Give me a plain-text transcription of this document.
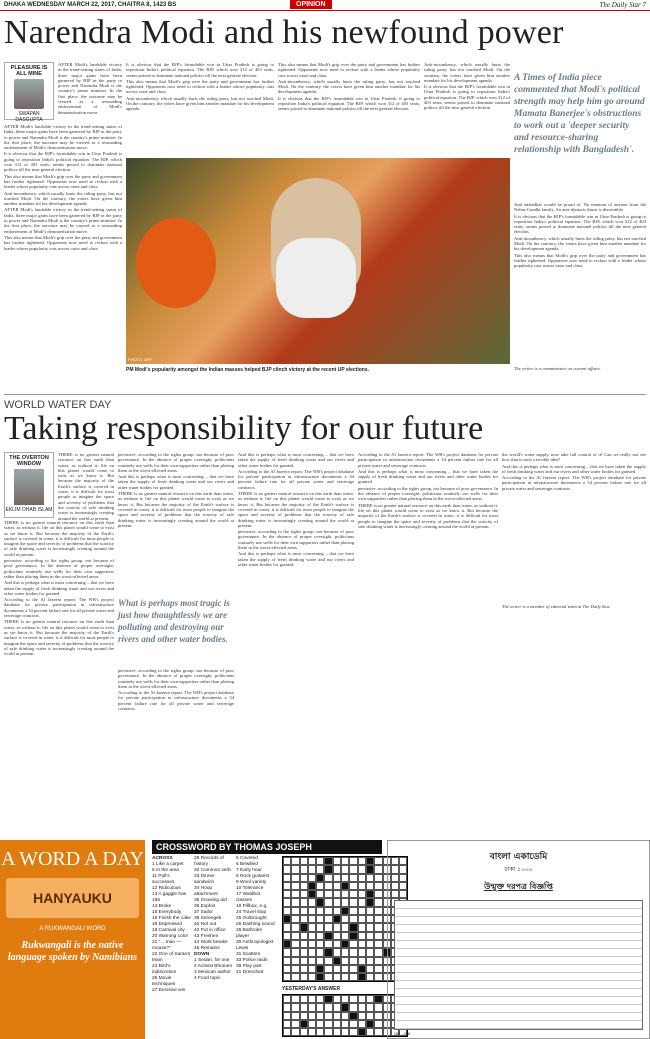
DHAKA WEDNESDAY MARCH 22, 2017, CHAITRA 8, 1423 BS	OPINION	The Daily Star 7
Narendra Modi and his newfound power
PLEASURE IS ALL MINE
SWAPAN DASGUPTA

AFTER Modi's landslide victory in the trend-setting states of India, three major gains have been garnered by BJP in the party to power and Narendra Modi is the country's prime minister. In the first place, the outcome may be viewed as a resounding endorsement of Modi's demonetisation move.

It is obvious that the BJP's formidable win in Uttar Pradesh is going to reposition India's political equation. The BJP, which won 312 of 403 seats, seems poised to dominate national politics till the next general election.

This also means that Modi's grip over the party and government has further tightened. Opponents now need to reckon with a leader whose popularity cuts across caste and class.

Anti-incumbency, which usually hurts the ruling party, has not touched Modi. On the contrary, the voters have given him another mandate for his development agenda.

AFTER Modi's landslide victory in the trend-setting states of India, three major gains have been garnered by BJP in the party to power and Narendra Modi is the country's prime minister. In the first place, the outcome may be viewed as a resounding endorsement of Modi's demonetisation move.

This also means that Modi's grip over the party and government has further tightened. Opponents now need to reckon with a leader whose popularity cuts across caste and class.

AFTER Modi's landslide victory in the trend-setting states of India, three major gains have been garnered by BJP in the party to power and Narendra Modi is the country's prime minister. In the first place, the outcome may be viewed as a resounding endorsement of Modi's demonetisation move.

It is obvious that the BJP's formidable win in Uttar Pradesh is going to reposition India's political equation. The BJP, which won 312 of 403 seats, seems poised to dominate national politics till the next general election.

This also means that Modi's grip over the party and government has further tightened. Opponents now need to reckon with a leader whose popularity cuts across caste and class.

Anti-incumbency, which usually hurts the ruling party, has not touched Modi. On the contrary, the voters have given him another mandate for his development agenda.

This also means that Modi's grip over the party and government has further tightened. Opponents now need to reckon with a leader whose popularity cuts across caste and class.

Anti-incumbency, which usually hurts the ruling party, has not touched Modi. On the contrary, the voters have given him another mandate for his development agenda.

It is obvious that the BJP's formidable win in Uttar Pradesh is going to reposition India's political equation. The BJP, which won 312 of 403 seats, seems poised to dominate national politics till the next general election.

Anti-incumbency, which usually hurts the ruling party, has not touched Modi. On the contrary, the voters have given him another mandate for his development agenda.

It is obvious that the BJP's formidable win in Uttar Pradesh is going to reposition India's political equation. The BJP, which won 312 of 403 seats, seems poised to dominate national politics till the next general election.

PHOTO: AFP
PM Modi's popularity amongst the Indian masses helped BJP clinch victory at the recent UP elections.
A Times of India piece commented that Modi's political strength may help him go around Mamata Banerjee's obstructions to work out a 'deeper security and resource-sharing relationship with Bangladesh'.

And ambedkar would be proud of. No mention of anyone from the Nehru-Gandhi family. An anti-dynastic thrust is discernible.

It is obvious that the BJP's formidable win in Uttar Pradesh is going to reposition India's political equation. The BJP, which won 312 of 403 seats, seems poised to dominate national politics till the next general election.

Anti-incumbency, which usually hurts the ruling party, has not touched Modi. On the contrary, the voters have given him another mandate for his development agenda.

This also means that Modi's grip over the party and government has further tightened. Opponents now need to reckon with a leader whose popularity cuts across caste and class.

The writer is a commentator on current affairs.
WORLD WATER DAY
Taking responsibility for our future
THE OVERTON WINDOW
EKLIM OHAB ISLAM

THERE is no greater natural resource on this earth than water, as without it, life on this planet would come to exist as we know it. But because the majority of the Earth's surface is covered in water, it is difficult for most people to imagine the space and severity of problems that the scarcity of safe drinking water is increasingly creating around the world at present.

THERE is no greater natural resource on this earth than water, as without it, life on this planet would come to exist as we know it. But because the majority of the Earth's surface is covered in water, it is difficult for most people to imagine the space and severity of problems that the scarcity of safe drinking water is increasingly creating around the world at present.

pervasive, according to the rights group, not because of poor governance. In the absence of proper oversight, politicians routinely use wells for their own supporters rather than placing them in the worst-affected areas.

And this is perhaps what is most concerning – that we have taken the supply of fresh drinking water and our rivers and other water bodies for granted.

According to the Al Jazeera report: The WB's project database for private participation in infrastructure documents a 34 percent failure rate for all private water and sewerage contracts.

THERE is no greater natural resource on this earth than water, as without it, life on this planet would come to exist as we know it. But because the majority of the Earth's surface is covered in water, it is difficult for most people to imagine the space and severity of problems that the scarcity of safe drinking water is increasingly creating around the world at present.

pervasive, according to the rights group, not because of poor governance. In the absence of proper oversight, politicians routinely use wells for their own supporters rather than placing them in the worst-affected areas.

And this is perhaps what is most concerning – that we have taken the supply of fresh drinking water and our rivers and other water bodies for granted.

THERE is no greater natural resource on this earth than water, as without it, life on this planet would come to exist as we know it. But because the majority of the Earth's surface is covered in water, it is difficult for most people to imagine the space and severity of problems that the scarcity of safe drinking water is increasingly creating around the world at present.

What is perhaps most tragic is just how thoughtlessly we are polluting and destroying our rivers and other water bodies.

pervasive, according to the rights group, not because of poor governance. In the absence of proper oversight, politicians routinely use wells for their own supporters rather than placing them in the worst-affected areas.

According to the Al Jazeera report: The WB's project database for private participation in infrastructure documents a 34 percent failure rate for all private water and sewerage contracts.

And this is perhaps what is most concerning – that we have taken the supply of fresh drinking water and our rivers and other water bodies for granted.

According to the Al Jazeera report: The WB's project database for private participation in infrastructure documents a 34 percent failure rate for all private water and sewerage contracts.

THERE is no greater natural resource on this earth than water, as without it, life on this planet would come to exist as we know it. But because the majority of the Earth's surface is covered in water, it is difficult for most people to imagine the space and severity of problems that the scarcity of safe drinking water is increasingly creating around the world at present.

pervasive, according to the rights group, not because of poor governance. In the absence of proper oversight, politicians routinely use wells for their own supporters rather than placing them in the worst-affected areas.

And this is perhaps what is most concerning – that we have taken the supply of fresh drinking water and our rivers and other water bodies for granted.

According to the Al Jazeera report: The WB's project database for private participation in infrastructure documents a 34 percent failure rate for all private water and sewerage contracts.

And this is perhaps what is most concerning – that we have taken the supply of fresh drinking water and our rivers and other water bodies for granted.

pervasive, according to the rights group, not because of poor governance. In the absence of proper oversight, politicians routinely use wells for their own supporters rather than placing them in the worst-affected areas.

THERE is no greater natural resource on this earth than water, as without it, life on this planet would come to exist as we know it. But because the majority of the Earth's surface is covered in water, it is difficult for most people to imagine the space and severity of problems that the scarcity of safe drinking water is increasingly creating around the world at present.

the world's water supply, now take full control of it! Can we really not see how that is such a terrible idea?

And this is perhaps what is most concerning – that we have taken the supply of fresh drinking water and our rivers and other water bodies for granted.

According to the Al Jazeera report: The WB's project database for private participation in infrastructure documents a 34 percent failure rate for all private water and sewerage contracts.

The writer is a member of editorial team at The Daily Star.
A WORD A DAY
HANYAUKU
A RUKWANGALI WORD
Rukwangali is the native language spoken by Namibians
CROSSWORD BY THOMAS JOSEPH
ACROSS
1 Like a carpet
6 In the area
11 Poll's successes
12 Ridiculous
13 A gaggle has 186
14 Broke
15 Everybody
16 Finish the cake
18 Depressed
19 Carnival city
20 Warning color
21 "... man — mouse?"
22 One of Santa's team
24 Bird's indiscretion
25 Movie techniques
27 Decisive win
29 Records of history
32 Common verb
33 Dinner sandwich
34 Hoop attachment
35 Snowing aid
36 Exploit
37 Sailor
38 Serengeti
40 Not out
42 Put in office
43 Freshen
44 Work breaks
45 Remains
DOWN
1 Sedan, for one
2 Activist Bhumen
3 Mexican author
4 Food topic
5 Coveted
6 Bewilled
7 Early hour
8 Rock guitarist
9 Wool variety
10 Tolerance
17 Waldbot classes
19 Pillbox, e.g.
24 Travel stop
25 Outbrought
26 Dashing sound
28 Bathrobe player
30 Anthropologist Lewis
31 Scatters
33 Police raids
39 Play part
41 Drenched
YESTERDAY'S ANSWER
বাংলা একাডেমি
ঢাকা ১০০০
উন্মুক্ত দরপত্র বিজ্ঞপ্তি
GD - 498
